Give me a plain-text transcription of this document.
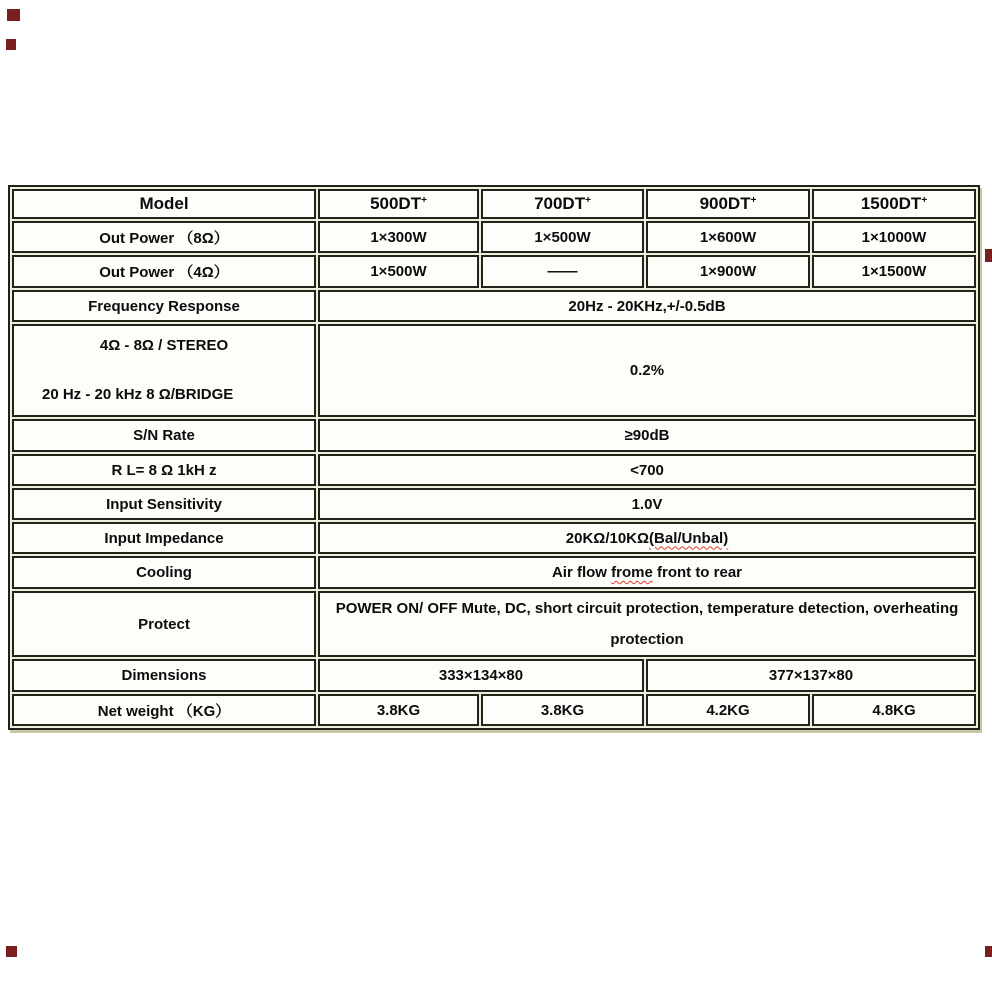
Model	500DT+	700DT+	900DT+	1500DT+
Out Power （8Ω）	1×300W	1×500W	1×600W	1×1000W
Out Power （4Ω）	1×500W	——	1×900W	1×1500W
Frequency Response	20Hz - 20KHz,+/-0.5dB			

4Ω - 8Ω / STEREO
20 Hz - 20 kHz 8 Ω/BRIDGE	0.2%			
S/N Rate	≥90dB			
R L= 8 Ω 1kH z	<700			
Input Sensitivity	1.0V			
Input Impedance	20KΩ/10KΩ(Bal/Unbal)			
Cooling	Air flow frome front to rear			
Protect	POWER ON/ OFF Mute, DC, short circuit protection, temperature detection, overheating protection			

Dimensions	333×134×80		377×137×80	
Net weight （KG）	3.8KG	3.8KG	4.2KG	4.8KG
